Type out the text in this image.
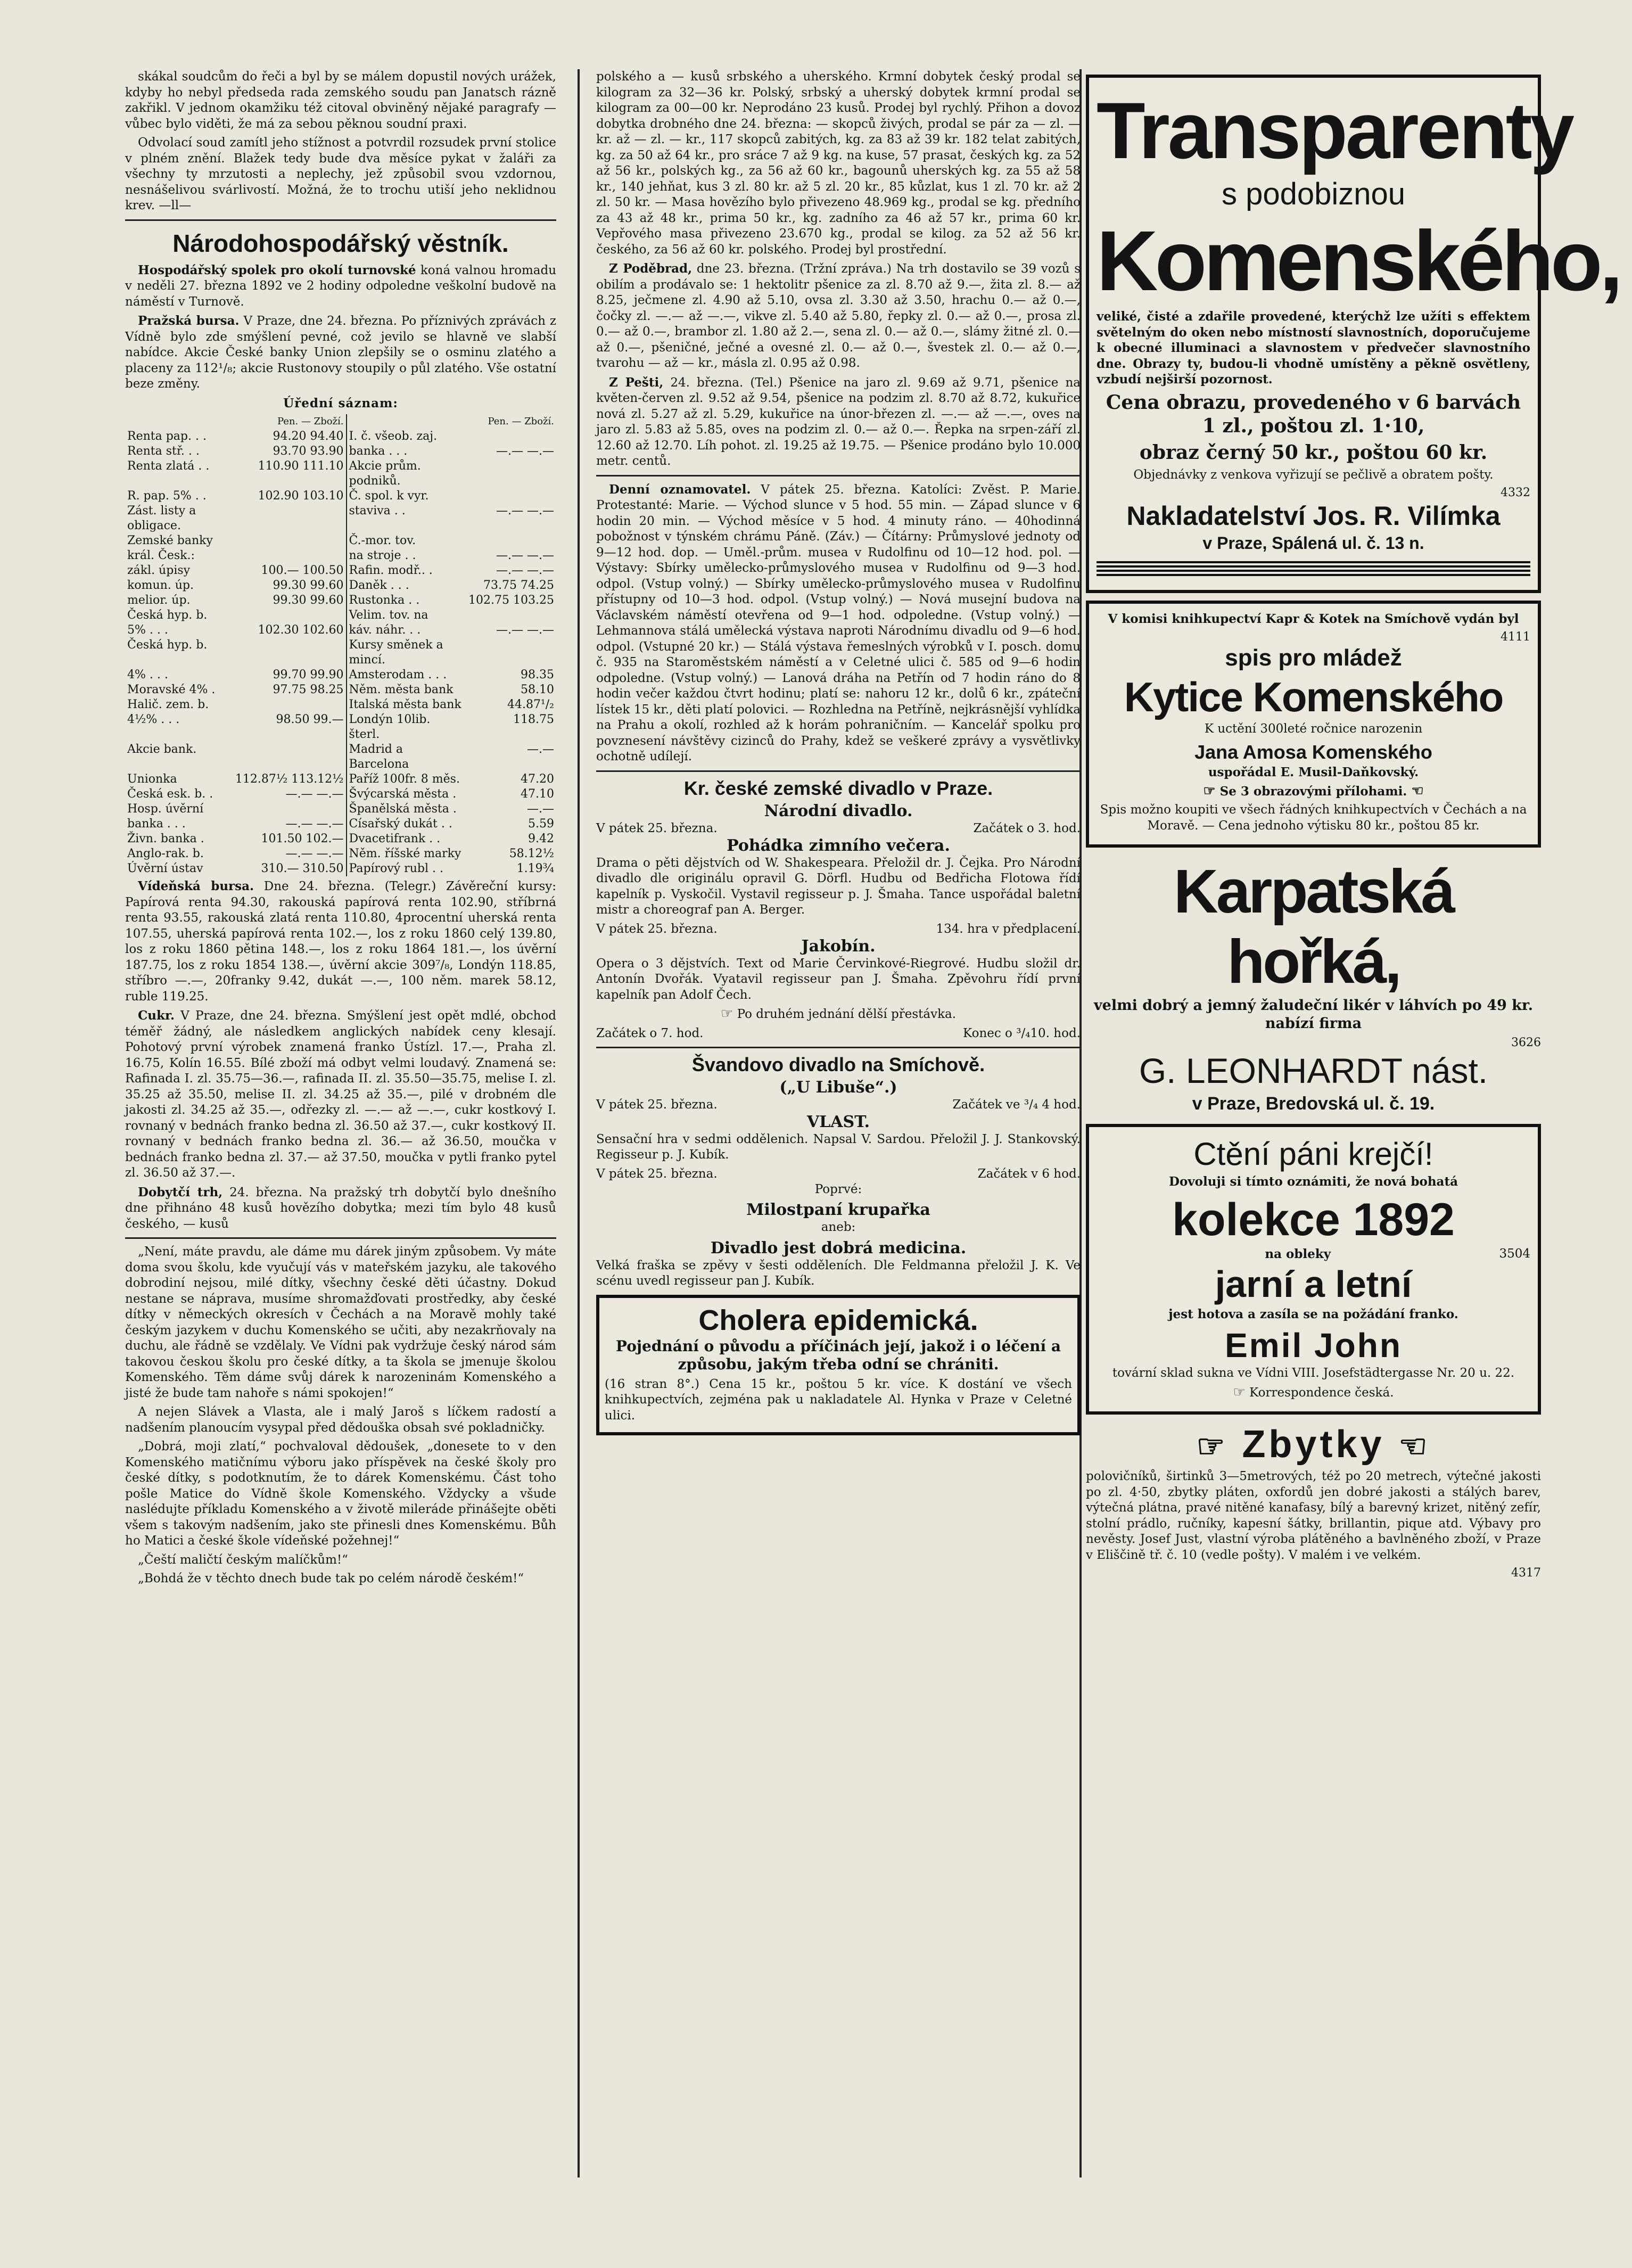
skákal soudcům do řeči a byl by se málem dopustil nových urážek, kdyby ho nebyl předseda rada zemského soudu pan Janatsch rázně zakřikl. V jednom okamžiku též citoval obviněný nějaké paragrafy — vůbec bylo viděti, že má za sebou pěknou soudní praxi.

Odvolací soud zamítl jeho stížnost a potvrdil rozsudek první stolice v plném znění. Blažek tedy bude dva měsíce pykat v žaláři za všechny ty mrzutosti a neplechy, jež způsobil svou vzdornou, nesnášelivou svárlivostí. Možná, že to trochu utiší jeho neklidnou krev. —ll—

Národohospodářský věstník.

Hospodářský spolek pro okolí turnovské koná valnou hromadu v neděli 27. března 1892 ve 2 hodiny odpoledne veškolní budově na náměstí v Turnově.

Pražská bursa. V Praze, dne 24. března. Po příznivých zprávách z Vídně bylo zde smýšlení pevné, což jevilo se hlavně ve slabší nabídce. Akcie České banky Union zlepšily se o osminu zlatého a placeny za 112¹/₈; akcie Rustonovy stoupily o půl zlatého. Vše ostatní beze změny.

Úřední sáznam:

	Pen. — Zboží.		Pen. — Zboží.
Renta pap. . .	94.20 94.40	I. č. všeob. zaj.	
Renta stř. . .	93.70 93.90	banka . . .	—.— —.—
Renta zlatá . .	110.90 111.10	Akcie prům. podniků.	
R. pap. 5% . .	102.90 103.10	Č. spol. k vyr.	
Zást. listy a obligace.		staviva . .	—.— —.—
Zemské banky		Č.-mor. tov.	
král. Česk.:		na stroje . .	—.— —.—
zákl. úpisy	100.— 100.50	Rafin. modř.. .	—.— —.—
komun. úp.	99.30 99.60	Daněk . . .	73.75 74.25
melior. úp.	99.30 99.60	Rustonka . .	102.75 103.25
Česká hyp. b.		Velim. tov. na	
5% . . .	102.30 102.60	káv. náhr. . .	—.— —.—
Česká hyp. b.		Kursy směnek a mincí.	
4% . . .	99.70 99.90	Amsterodam . . .	98.35
Moravské 4% .	97.75 98.25	Něm. města bank	58.10
Halič. zem. b.		Italská města bank	44.87¹/₂
4½% . . .	98.50 99.—	Londýn 10lib. šterl.	118.75
Akcie bank.		Madrid a Barcelona	—.—
Unionka	112.87½ 113.12½	Paříž 100fr. 8 měs.	47.20
Česká esk. b. .	—.— —.—	Švýcarská města .	47.10
Hosp. úvěrní		Španělská města .	—.—
banka . . .	—.— —.—	Císařský dukát . .	5.59
Živn. banka .	101.50 102.—	Dvacetifrank . .	9.42
Anglo-rak. b.	—.— —.—	Něm. říšské marky	58.12½
Úvěrní ústav	310.— 310.50	Papírový rubl . .	1.19¾

Vídeňská bursa. Dne 24. března. (Telegr.) Závěreční kursy: Papírová renta 94.30, rakouská papírová renta 102.90, stříbrná renta 93.55, rakouská zlatá renta 110.80, 4procentní uherská renta 107.55, uherská papírová renta 102.—, los z roku 1860 celý 139.80, los z roku 1860 pětina 148.—, los z roku 1864 181.—, los úvěrní 187.75, los z roku 1854 138.—, úvěrní akcie 309⁷/₈, Londýn 118.85, stříbro —.—, 20franky 9.42, dukát —.—, 100 něm. marek 58.12, ruble 119.25.

Cukr. V Praze, dne 24. března. Smýšlení jest opět mdlé, obchod téměř žádný, ale následkem anglických nabídek ceny klesají. Pohotový první výrobek znamená franko Ústízl. 17.—, Praha zl. 16.75, Kolín 16.55. Bílé zboží má odbyt velmi loudavý. Znamená se: Rafinada I. zl. 35.75—36.—, rafinada II. zl. 35.50—35.75, melise I. zl. 35.25 až 35.50, melise II. zl. 34.25 až 35.—, pilé v drobném dle jakosti zl. 34.25 až 35.—, odřezky zl. —.— až —.—, cukr kostkový I. rovnaný v bednách franko bedna zl. 36.50 až 37.—, cukr kostkový II. rovnaný v bednách franko bedna zl. 36.— až 36.50, moučka v bednách franko bedna zl. 37.— až 37.50, moučka v pytli franko pytel zl. 36.50 až 37.—.

Dobytčí trh, 24. března. Na pražský trh dobytčí bylo dnešního dne přihnáno 48 kusů hovězího dobytka; mezi tím bylo 48 kusů českého, — kusů

„Není, máte pravdu, ale dáme mu dárek jiným způsobem. Vy máte doma svou školu, kde vyučují vás v mateřském jazyku, ale takového dobrodiní nejsou, milé dítky, všechny české děti účastny. Dokud nestane se náprava, musíme shromažďovati prostředky, aby české dítky v německých okresích v Čechách a na Moravě mohly také českým jazykem v duchu Komenského se učiti, aby nezakrňovaly na duchu, ale řádně se vzdělaly. Ve Vídni pak vydržuje český národ sám takovou českou školu pro české dítky, a ta škola se jmenuje školou Komenského. Těm dáme svůj dárek k narozeninám Komenského a jisté že bude tam nahoře s námi spokojen!“

A nejen Slávek a Vlasta, ale i malý Jaroš s líčkem radostí a nadšením planoucím vysypal před dědouška obsah své pokladničky.

„Dobrá, moji zlatí,“ pochvaloval dědoušek, „donesete to v den Komenského matičnímu výboru jako příspěvek na české školy pro české dítky, s podotknutím, že to dárek Komenskému. Část toho pošle Matice do Vídně škole Komenského. Vždycky a všude naslédujte příkladu Komenského a v životě mileráde přinášejte oběti všem s takovým nadšením, jako ste přinesli dnes Komenskému. Bůh ho Matici a české škole vídeňské požehnej!“

„Čeští maličtí českým malíčkům!“

„Bohdá že v těchto dnech bude tak po celém národě českém!“

polského a — kusů srbského a uherského. Krmní dobytek český prodal se kilogram za 32—36 kr. Polský, srbský a uherský dobytek krmní prodal se kilogram za 00—00 kr. Neprodáno 23 kusů. Prodej byl rychlý. Přihon a dovoz dobytka drobného dne 24. března: — skopců živých, prodal se pár za — zl. — kr. až — zl. — kr., 117 skopců zabitých, kg. za 83 až 39 kr. 182 telat zabitých, kg. za 50 až 64 kr., pro sráce 7 až 9 kg. na kuse, 57 prasat, českých kg. za 52 až 56 kr., polských kg., za 56 až 60 kr., bagounů uherských kg. za 55 až 58 kr., 140 jehňat, kus 3 zl. 80 kr. až 5 zl. 20 kr., 85 kůzlat, kus 1 zl. 70 kr. až 2 zl. 50 kr. — Masa hovězího bylo přivezeno 48.969 kg., prodal se kg. předního za 43 až 48 kr., prima 50 kr., kg. zadního za 46 až 57 kr., prima 60 kr. Vepřového masa přivezeno 23.670 kg., prodal se kilog. za 52 až 56 kr. českého, za 56 až 60 kr. polského. Prodej byl prostřední.

Z Poděbrad, dne 23. března. (Tržní zpráva.) Na trh dostavilo se 39 vozů s obilím a prodávalo se: 1 hektolitr pšenice za zl. 8.70 až 9.—, žita zl. 8.— až 8.25, ječmene zl. 4.90 až 5.10, ovsa zl. 3.30 až 3.50, hrachu 0.— až 0.—, čočky zl. —.— až —.—, vikve zl. 5.40 až 5.80, řepky zl. 0.— až 0.—, prosa zl. 0.— až 0.—, brambor zl. 1.80 až 2.—, sena zl. 0.— až 0.—, slámy žitné zl. 0.— až 0.—, pšeničné, ječné a ovesné zl. 0.— až 0.—, švestek zl. 0.— až 0.—, tvarohu — až — kr., másla zl. 0.95 až 0.98.

Z Pešti, 24. března. (Tel.) Pšenice na jaro zl. 9.69 až 9.71, pšenice na květen-červen zl. 9.52 až 9.54, pšenice na podzim zl. 8.70 až 8.72, kukuřice nová zl. 5.27 až zl. 5.29, kukuřice na únor-březen zl. —.— až —.—, oves na jaro zl. 5.83 až 5.85, oves na podzim zl. 0.— až 0.—. Řepka na srpen-září zl. 12.60 až 12.70. Líh pohot. zl. 19.25 až 19.75. — Pšenice prodáno bylo 10.000 metr. centů.

Denní oznamovatel. V pátek 25. března. Katolíci: Zvěst. P. Marie. Protestanté: Marie. — Východ slunce v 5 hod. 55 min. — Západ slunce v 6 hodin 20 min. — Východ měsíce v 5 hod. 4 minuty ráno. — 40hodinná pobožnost v týnském chrámu Páně. (Záv.) — Čítárny: Průmyslové jednoty od 9—12 hod. dop. — Uměl.-prům. musea v Rudolfinu od 10—12 hod. pol. — Výstavy: Sbírky umělecko-průmyslového musea v Rudolfinu od 9—3 hod. odpol. (Vstup volný.) — Sbírky umělecko-průmyslového musea v Rudolfinu přístupny od 10—3 hod. odpol. (Vstup volný.) — Nová musejní budova na Václavském náměstí otevřena od 9—1 hod. odpoledne. (Vstup volný.) — Lehmannova stálá umělecká výstava naproti Národnímu divadlu od 9—6 hod. odpol. (Vstupné 20 kr.) — Stálá výstava řemeslných výrobků v I. posch. domu č. 935 na Staroměstském náměstí a v Celetné ulici č. 585 od 9—6 hodin odpoledne. (Vstup volný.) — Lanová dráha na Petřín od 7 hodin ráno do 8 hodin večer každou čtvrt hodinu; platí se: nahoru 12 kr., dolů 6 kr., zpáteční lístek 15 kr., děti platí polovici. — Rozhledna na Petříně, nejkrásnější vyhlídka na Prahu a okolí, rozhled až k horám pohraničním. — Kancelář spolku pro povznesení návštěvy cizinců do Prahy, kdež se veškeré zprávy a vysvětlivky ochotně udílejí.

Kr. české zemské divadlo v Praze.
Národní divadlo.
V pátek 25. března.	Začátek o 3. hod.
Pohádka zimního večera.

Drama o pěti dějstvích od W. Shakespeara. Přeložil dr. J. Čejka. Pro Národní divadlo dle originálu opravil G. Dörfl. Hudbu od Bedřicha Flotowa řídí kapelník p. Vyskočil. Vystavil regisseur p. J. Šmaha. Tance uspořádal baletní mistr a choreograf pan A. Berger.

V pátek 25. března.	134. hra v předplacení.
Jakobín.

Opera o 3 dějstvích. Text od Marie Červinkové-Riegrové. Hudbu složil dr. Antonín Dvořák. Vyatavil regisseur pan J. Šmaha. Zpěvohru řídí první kapelník pan Adolf Čech.

☞ Po druhém jednání dělší přestávka.

Začátek o 7. hod.	Konec o ³/₄10. hod.
Švandovo divadlo na Smíchově.
(„U Libuše“.)
V pátek 25. března.	Začátek ve ³/₄ 4 hod.
VLAST.

Sensační hra v sedmi oddělenich. Napsal V. Sardou. Přeložil J. J. Stankovský. Regisseur p. J. Kubík.

V pátek 25. března.	Začátek v 6 hod.

Poprvé:

Milostpaní krupařka

aneb:

Divadlo jest dobrá medicina.

Velká fraška se zpěvy v šesti odděleních. Dle Feldmanna přeložil J. K. Ve scénu uvedl regisseur pan J. Kubík.

Cholera epidemická.

Pojednání o původu a příčinách její, jakož i o léčení a způsobu, jakým třeba odní se chrániti.

(16 stran 8°.) Cena 15 kr., poštou 5 kr. více. K dostání ve všech knihkupectvích, zejména pak u nakladatele Al. Hynka v Praze v Celetné ulici.

Transparenty
s podobiznou
Komenského,

veliké, čisté a zdařile provedené, kterýchž lze užíti s effektem světelným do oken nebo místností slavnostních, doporučujeme k obecné illuminaci a slavnostem v předvečer slavnostního dne. Obrazy ty, budou-li vhodně umístěny a pěkně osvětleny, vzbudí nejširší pozornost.

Cena obrazu, provedeného v 6 barvách 1 zl., poštou zl. 1·10,

obraz černý 50 kr., poštou 60 kr.

Objednávky z venkova vyřizují se pečlivě a obratem pošty.

4332
Nakladatelství Jos. R. Vilímka
v Praze, Spálená ul. č. 13 n.

V komisi knihkupectví Kapr & Kotek na Smíchově vydán byl

4111
spis pro mládež
Kytice Komenského

K uctění 300leté ročnice narozenin

Jana Amosa Komenského

uspořádal E. Musil-Daňkovský.

☞ Se 3 obrazovými přílohami. ☜

Spis možno koupiti ve všech řádných knihkupectvích v Čechách a na Moravě. — Cena jednoho výtisku 80 kr., poštou 85 kr.

Karpatská hořká,

velmi dobrý a jemný žaludeční likér v láhvích po 49 kr. nabízí firma

3626
G. LEONHARDT nást.
v Praze, Bredovská ul. č. 19.
Ctění páni krejčí!

Dovoluji si tímto oznámiti, že nová bohatá

kolekce 1892
na obleky	3504
jarní a letní

jest hotova a zasíla se na požádání franko.

Emil John

tovární sklad sukna ve Vídni VIII. Josefstädtergasse Nr. 20 u. 22.

☞ Korrespondence česká.

☞ Zbytky ☜

polovičníků, širtinků 3—5metrových, též po 20 metrech, výtečné jakosti po zl. 4·50, zbytky pláten, oxfordů jen dobré jakosti a stálých barev, výtečná plátna, pravé nitěné kanafasy, bílý a barevný krizet, nitěný zefír, stolní prádlo, ručníky, kapesní šátky, brillantin, pique atd. Výbavy pro nevěsty. Josef Just, vlastní výroba plátěného a bavlněného zboží, v Praze v Eliščině tř. č. 10 (vedle pošty). V malém i ve velkém.

4317
